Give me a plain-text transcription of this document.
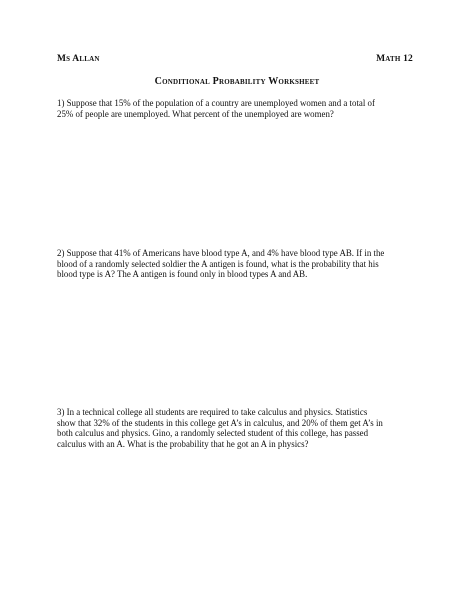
Ms Allan	Math 12
Conditional Probability Worksheet
1) Suppose that 15% of the population of a country are unemployed women and a total of
25% of people are unemployed. What percent of the unemployed are women?
2) Suppose that 41% of Americans have blood type A, and 4% have blood type AB. If in the
blood of a randomly selected soldier the A antigen is found, what is the probability that his
blood type is A? The A antigen is found only in blood types A and AB.
3) In a technical college all students are required to take calculus and physics. Statistics
show that 32% of the students in this college get A’s in calculus, and 20% of them get A’s in
both calculus and physics. Gino, a randomly selected student of this college, has passed
calculus with an A. What is the probability that he got an A in physics?
